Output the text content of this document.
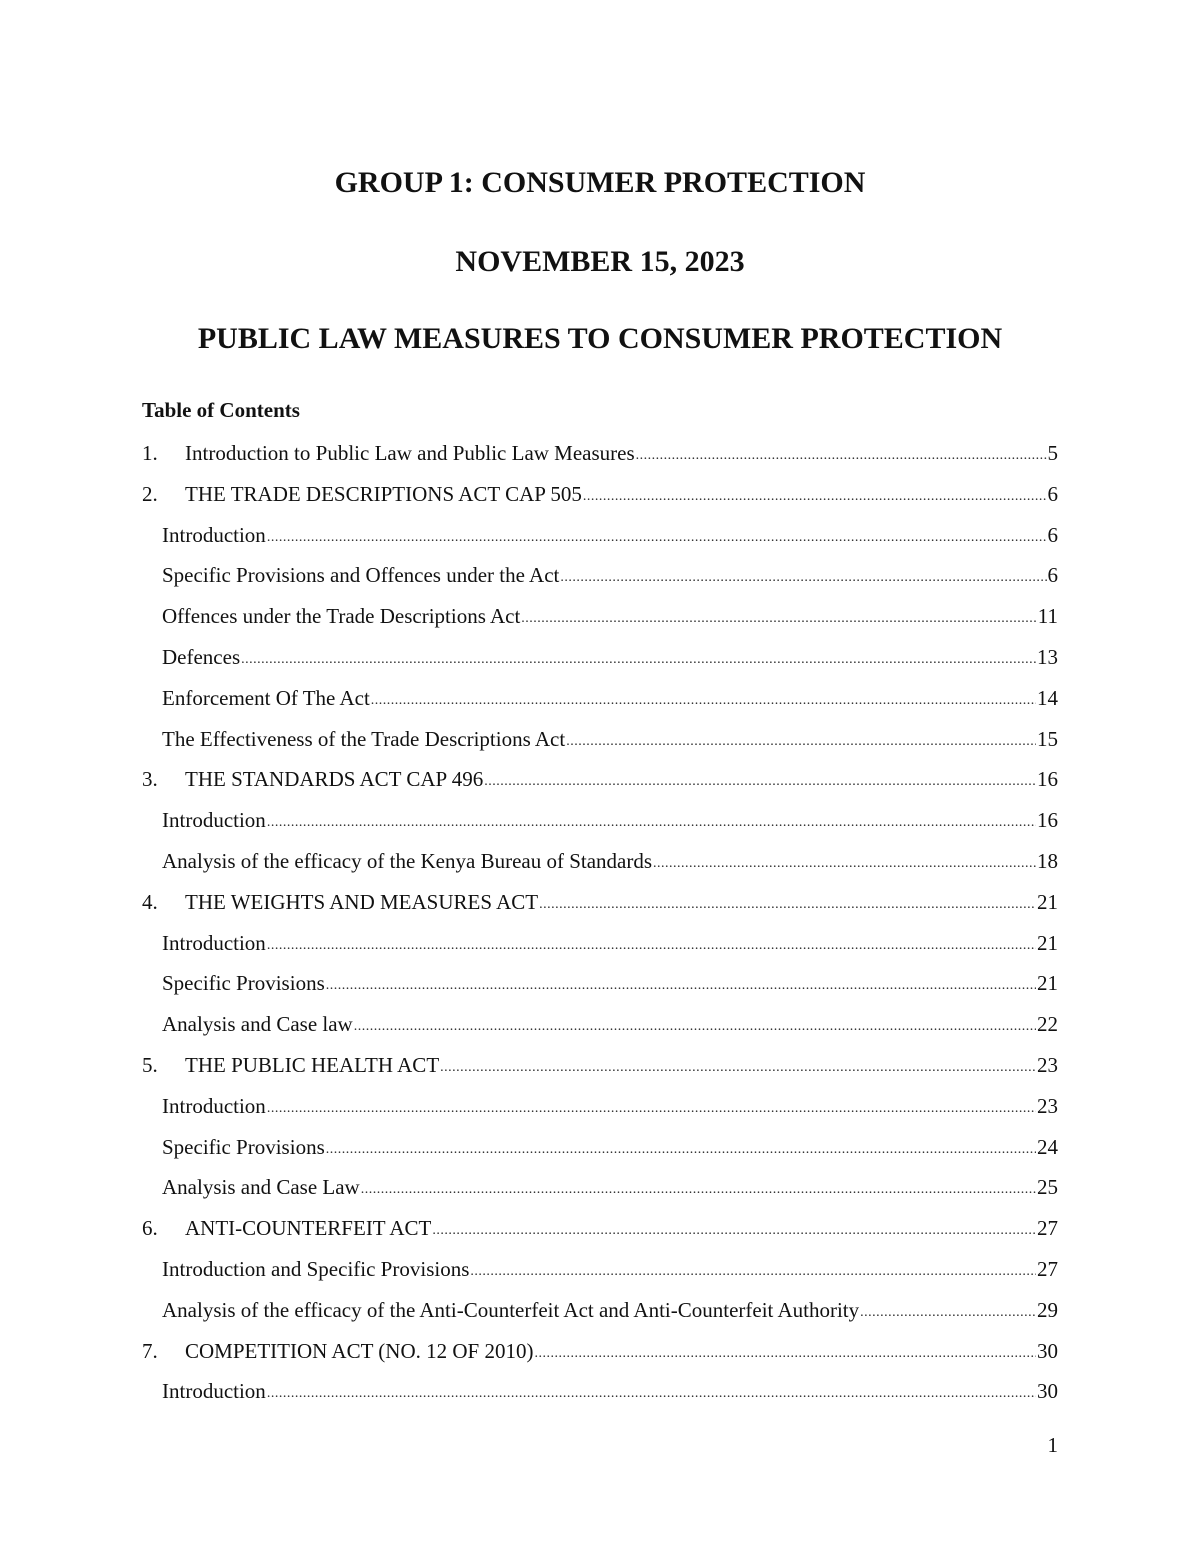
GROUP 1: CONSUMER PROTECTION
NOVEMBER 15, 2023
PUBLIC LAW MEASURES TO CONSUMER PROTECTION
Table of Contents
1.	Introduction to Public Law and Public Law Measures .....	5
2.	THE TRADE DESCRIPTIONS ACT CAP 505 .....	6
Introduction .....	6
Specific Provisions and Offences under the Act .....	6
Offences under the Trade Descriptions Act .....	11
Defences .....	13
Enforcement Of The Act .....	14
The Effectiveness of the Trade Descriptions Act .....	15
3.	THE STANDARDS ACT CAP 496 .....	16
Introduction .....	16
Analysis of the efficacy of the Kenya Bureau of Standards .....	18
4.	THE WEIGHTS AND MEASURES ACT .....	21
Introduction .....	21
Specific Provisions .....	21
Analysis and Case law .....	22
5.	THE PUBLIC HEALTH ACT .....	23
Introduction .....	23
Specific Provisions .....	24
Analysis and Case Law .....	25
6.	ANTI-COUNTERFEIT ACT .....	27
Introduction and Specific Provisions .....	27
Analysis of the efficacy of the Anti-Counterfeit Act and Anti-Counterfeit Authority .....	29
7.	COMPETITION ACT (NO. 12 OF 2010) .....	30
Introduction .....	30
1
